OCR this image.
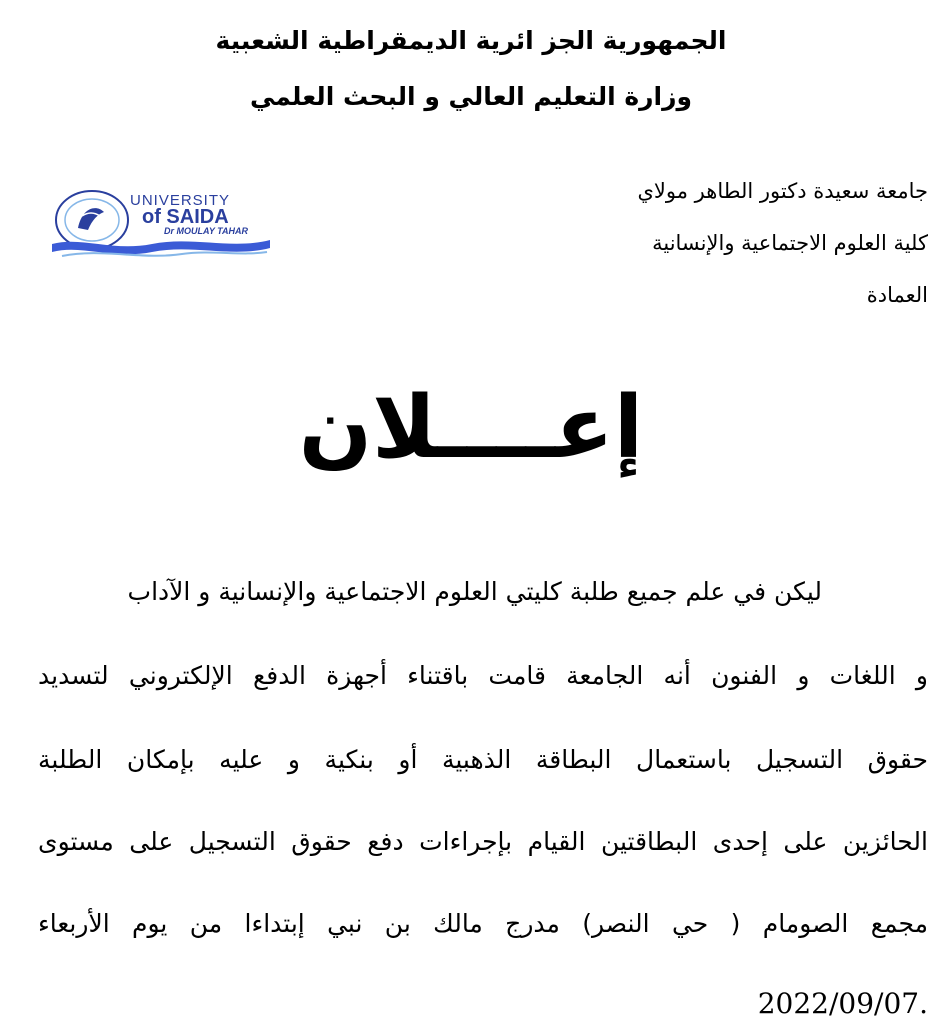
الجمهورية الجز ائرية الديمقراطية الشعبية
وزارة التعليم العالي و البحث العلمي
جامعة سعيدة دكتور الطاهر مولاي
كلية العلوم الاجتماعية والإنسانية
العمادة
UNIVERSITY
of SAIDA
Dr MOULAY TAHAR
إعــــلان
ليكن في علم جميع طلبة كليتي العلوم الاجتماعية والإنسانية و الآداب
و اللغات و الفنون أنه الجامعة قامت باقتناء أجهزة الدفع الإلكتروني لتسديد
حقوق التسجيل باستعمال البطاقة الذهبية أو بنكية و عليه بإمكان الطلبة
الحائزين على إحدى البطاقتين القيام بإجراءات دفع حقوق التسجيل على مستوى
مجمع الصومام ( حي النصر) مدرج مالك بن نبي إبتداءا من يوم الأربعاء
2022/09/07.
